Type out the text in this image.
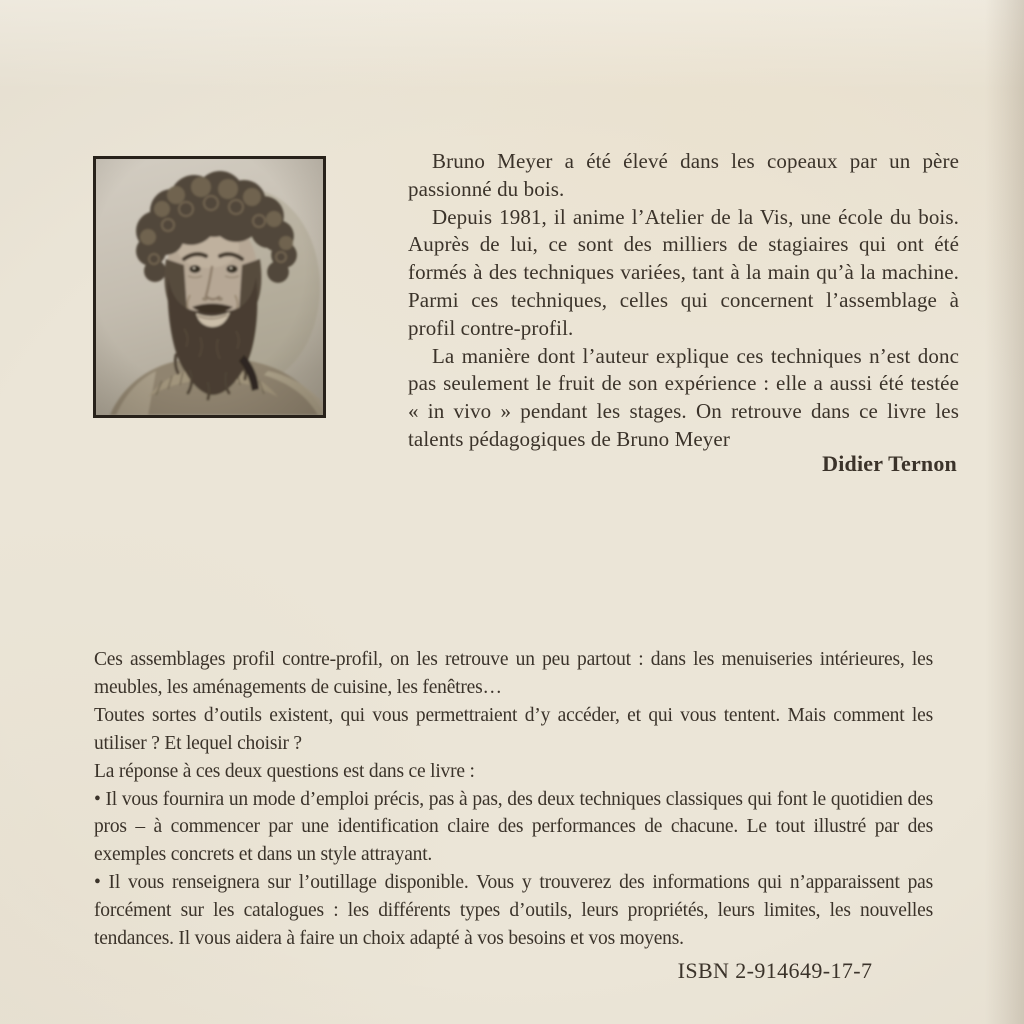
Bruno Meyer a été élevé dans les copeaux par un père passionné du bois.

Depuis 1981, il anime l’Atelier de la Vis, une école du bois. Auprès de lui, ce sont des milliers de stagiaires qui ont été formés à des techniques variées, tant à la main qu’à la machine. Parmi ces techniques, celles qui concernent l’assemblage à profil contre-profil.

La manière dont l’auteur explique ces techniques n’est donc pas seulement le fruit de son expérience : elle a aussi été testée « in vivo » pendant les stages. On retrouve dans ce livre les talents pédagogiques de Bruno Meyer

Didier Ternon

Ces assemblages profil contre-profil, on les retrouve un peu partout : dans les menuiseries intérieures, les meubles, les aménagements de cuisine, les fenêtres…

Toutes sortes d’outils existent, qui vous permettraient d’y accéder, et qui vous tentent. Mais comment les utiliser ? Et lequel choisir ?

La réponse à ces deux questions est dans ce livre :

• Il vous fournira un mode d’emploi précis, pas à pas, des deux techniques classiques qui font le quotidien des pros – à commencer par une identification claire des performances de chacune. Le tout illustré par des exemples concrets et dans un style attrayant.

• Il vous renseignera sur l’outillage disponible. Vous y trouverez des informations qui n’apparaissent pas forcément sur les catalogues : les différents types d’outils, leurs propriétés, leurs limites, les nouvelles tendances. Il vous aidera à faire un choix adapté à vos besoins et vos moyens.

ISBN 2-914649-17-7
